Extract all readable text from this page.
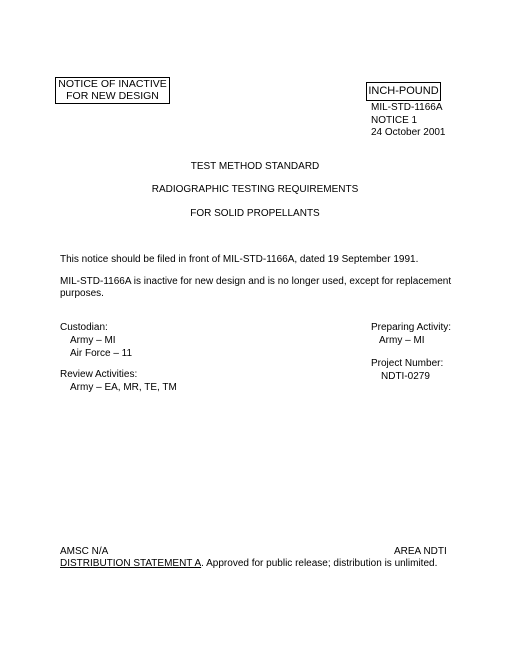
NOTICE OF INACTIVE
FOR NEW DESIGN	INCH-POUND
MIL-STD-1166A
NOTICE 1
24 October 2001
TEST METHOD STANDARD
RADIOGRAPHIC TESTING REQUIREMENTS
FOR SOLID PROPELLANTS
This notice should be filed in front of MIL-STD-1166A, dated 19 September 1991.
MIL-STD-1166A is inactive for new design and is no longer used, except for replacement
purposes.
Custodian:
Army – MI
Air Force – 11
Review Activities:
Army – EA, MR, TE, TM
Preparing Activity:
Army – MI
Project Number:
NDTI-0279
AMSC N/A	AREA NDTI
DISTRIBUTION STATEMENT A. Approved for public release; distribution is unlimited.
